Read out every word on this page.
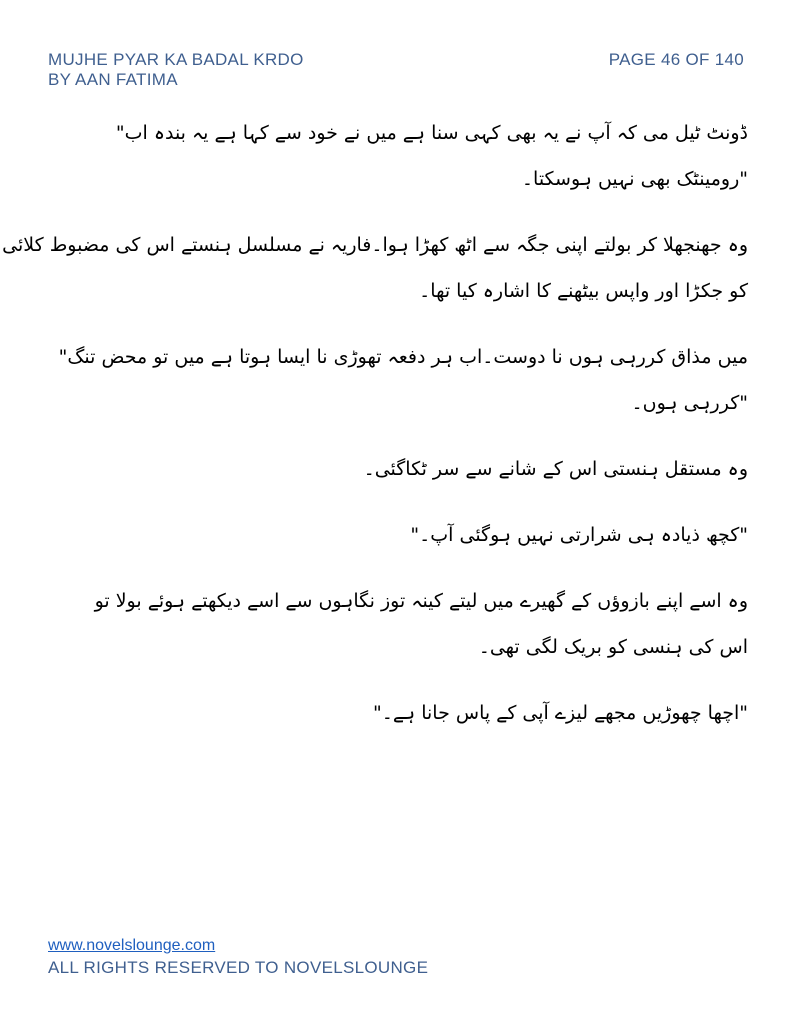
MUJHE PYAR KA BADAL KRDO
BY AAN FATIMA
PAGE 46 OF 140
ڈونٹ ٹیل می کہ آپ نے یہ بھی کہی سنا ہے میں نے خود سے کہا ہے یہ بندہ اب"
"رومینٹک بھی نہیں ہوسکتا۔
وہ جھنجھلا کر بولتے اپنی جگہ سے اٹھ کھڑا ہوا۔فاریہ نے مسلسل ہنستے اس کی مضبوط کلائی
کو جکڑا اور واپس بیٹھنے کا اشارہ کیا تھا۔
میں مذاق کررہی ہوں نا دوست۔اب ہر دفعہ تھوڑی نا ایسا ہوتا ہے میں تو محض تنگ"
"کررہی ہوں۔
وہ مستقل ہنستی اس کے شانے سے سر ٹکاگئی۔
"کچھ ذیادہ ہی شرارتی نہیں ہوگئی آپ۔"
وہ اسے اپنے بازوؤں کے گھیرے میں لیتے کینہ توز نگاہوں سے اسے دیکھتے ہوئے بولا تو
اس کی ہنسی کو بریک لگی تھی۔
"اچھا چھوڑیں مجھے لیزے آپی کے پاس جانا ہے۔"
www.novelslounge.com
ALL RIGHTS RESERVED TO NOVELSLOUNGE
